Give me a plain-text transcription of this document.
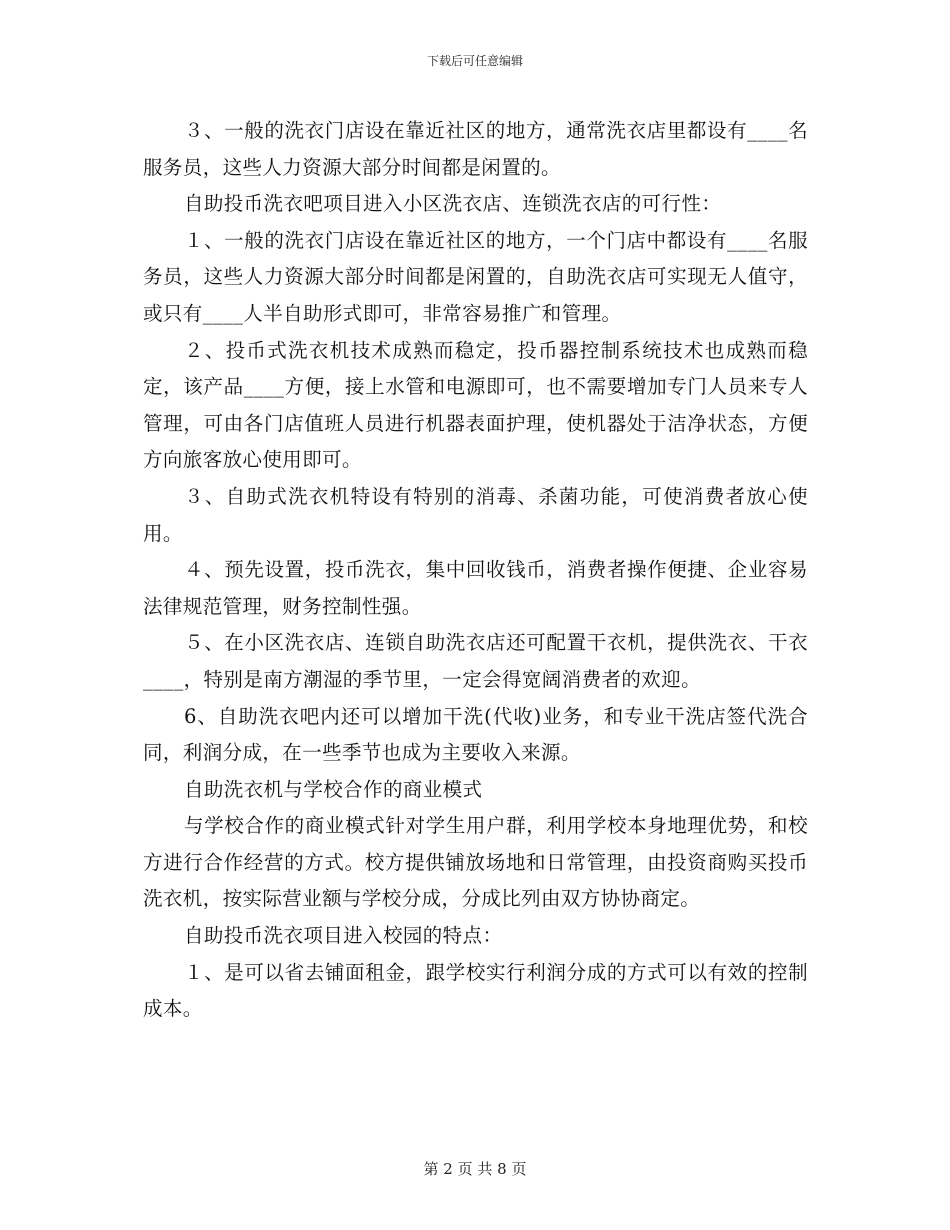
下载后可任意编辑

３、一般的洗衣门店设在靠近社区的地方，通常洗衣店里都设有____名服务员，这些人力资源大部分时间都是闲置的。

自助投币洗衣吧项目进入小区洗衣店、连锁洗衣店的可行性：

１、一般的洗衣门店设在靠近社区的地方，一个门店中都设有____名服务员，这些人力资源大部分时间都是闲置的，自助洗衣店可实现无人值守，或只有____人半自助形式即可，非常容易推广和管理。

２、投币式洗衣机技术成熟而稳定，投币器控制系统技术也成熟而稳定，该产品____方便，接上水管和电源即可，也不需要增加专门人员来专人管理，可由各门店值班人员进行机器表面护理，使机器处于洁净状态，方便方向旅客放心使用即可。

３、自助式洗衣机特设有特别的消毒、杀菌功能，可使消费者放心使用。

４、预先设置，投币洗衣，集中回收钱币，消费者操作便捷、企业容易法律规范管理，财务控制性强。

５、在小区洗衣店、连锁自助洗衣店还可配置干衣机，提供洗衣、干衣____，特别是南方潮湿的季节里，一定会得宽阔消费者的欢迎。

6、自助洗衣吧内还可以增加干洗(代收)业务，和专业干洗店签代洗合同，利润分成，在一些季节也成为主要收入来源。

自助洗衣机与学校合作的商业模式

与学校合作的商业模式针对学生用户群，利用学校本身地理优势，和校方进行合作经营的方式。校方提供铺放场地和日常管理，由投资商购买投币洗衣机，按实际营业额与学校分成，分成比列由双方协协商定。

自助投币洗衣项目进入校园的特点：

１、是可以省去铺面租金，跟学校实行利润分成的方式可以有效的控制成本。

第 2 页 共 8 页
